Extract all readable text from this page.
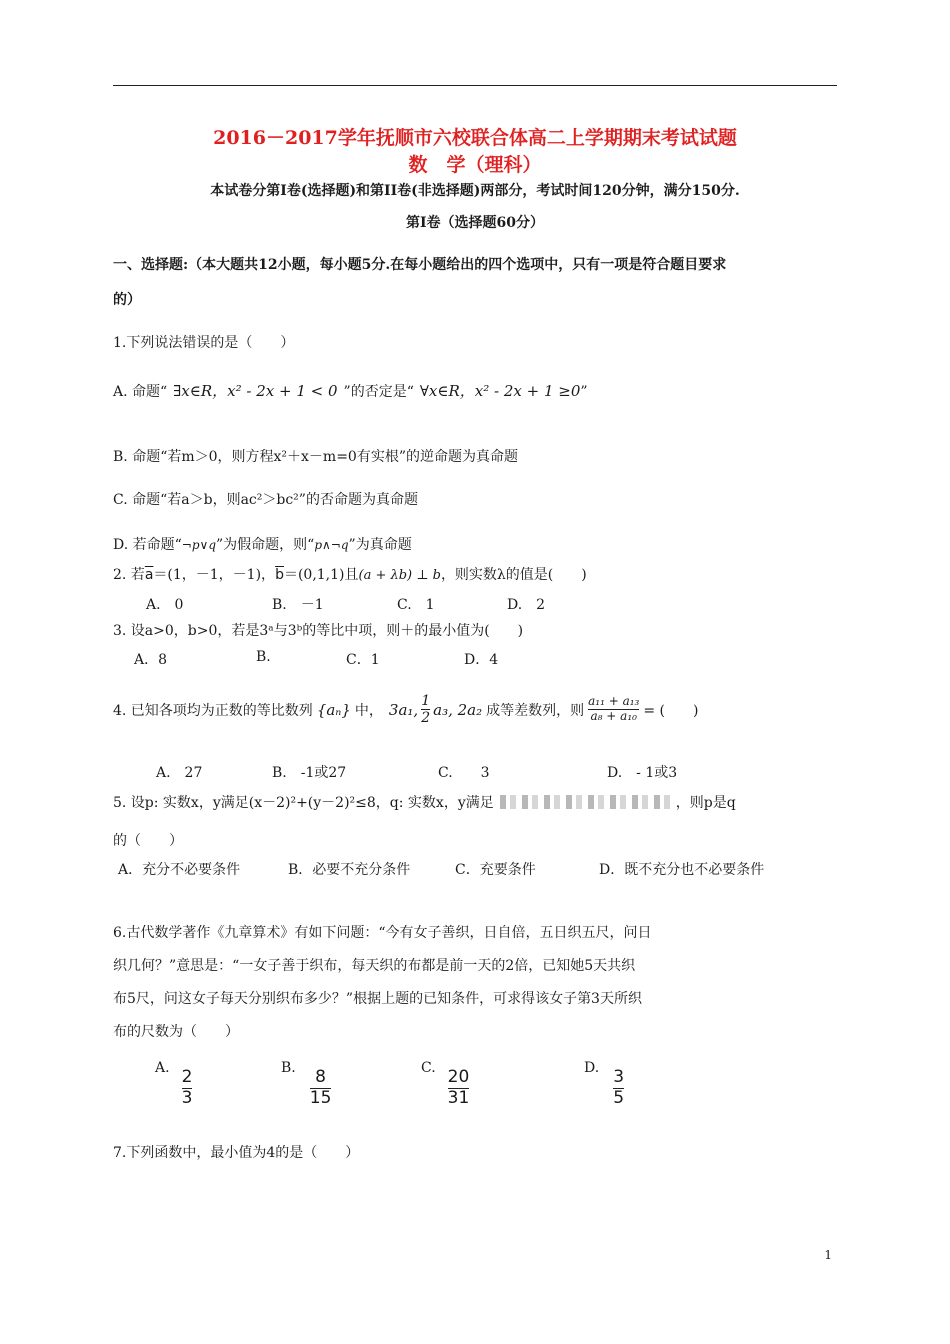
2016－2017学年抚顺市六校联合体高二上学期期末考试试题
数　学（理科）
本试卷分第Ⅰ卷(选择题)和第II卷(非选择题)两部分，考试时间120分钟，满分150分.
第Ⅰ卷（选择题60分）
一、选择题:（本大题共12小题，每小题5分.在每小题给出的四个选项中，只有一项是符合题目要求
的）
1.下列说法错误的是（　　）
A. 命题“ ∃x∈R，x² - 2x + 1 < 0 ”的否定是“ ∀x∈R，x² - 2x + 1 ≥0”
B. 命题“若m＞0，则方程x²＋x－m=0有实根”的逆命题为真命题
C. 命题“若a＞b，则ac²＞bc²”的否命题为真命题
D. 若命题“¬p∨q”为假命题，则“p∧¬q”为真命题
2. 若$\overline{a}=(1$，－1，－1)，$\overline{b}=(0,1,1)$且(a + λb) ⊥ b，则实数λ的值是(　　)
A.　0	B.　－1	C.　1	D.　2
3. 设a>0，b>0，若是3ᵃ与3ᵇ的等比中项，则＋的最小值为(　　)
A．8	B.	C．1	D．4
4. 已知各项均为正数的等比数列 {aₙ} 中， 3a₁, $\frac{1}{2} a_3$, 2a₂ 成等差数列，则 $\frac{\text{a₁₁ + a₁₃}}{\text{a₈ + a₁₀}}$ = (　　)
A.　27	B.　-1或27	C.　　3	D.　- 1或3
5. 设p: 实数x，y满足(x－2)²+(y－2)²≤8，q: 实数x，y满足	，则p是q
的（　　）
A．充分不必要条件	B．必要不充分条件	C．充要条件	D．既不充分也不必要条件
6.古代数学著作《九章算术》有如下问题：“今有女子善织，日自倍，五日织五尺，问日
织几何？”意思是：“一女子善于织布，每天织的布都是前一天的2倍，已知她5天共织
布5尺，问这女子每天分别织布多少？”根据上题的已知条件，可求得该女子第3天所织
布的尺数为（　　）
A. $\frac{2}{3}$	B. $\frac{8}{15}$	C. $\frac{20}{31}$	D. $\frac{3}{5}$
7.下列函数中，最小值为4的是（　　）
1
